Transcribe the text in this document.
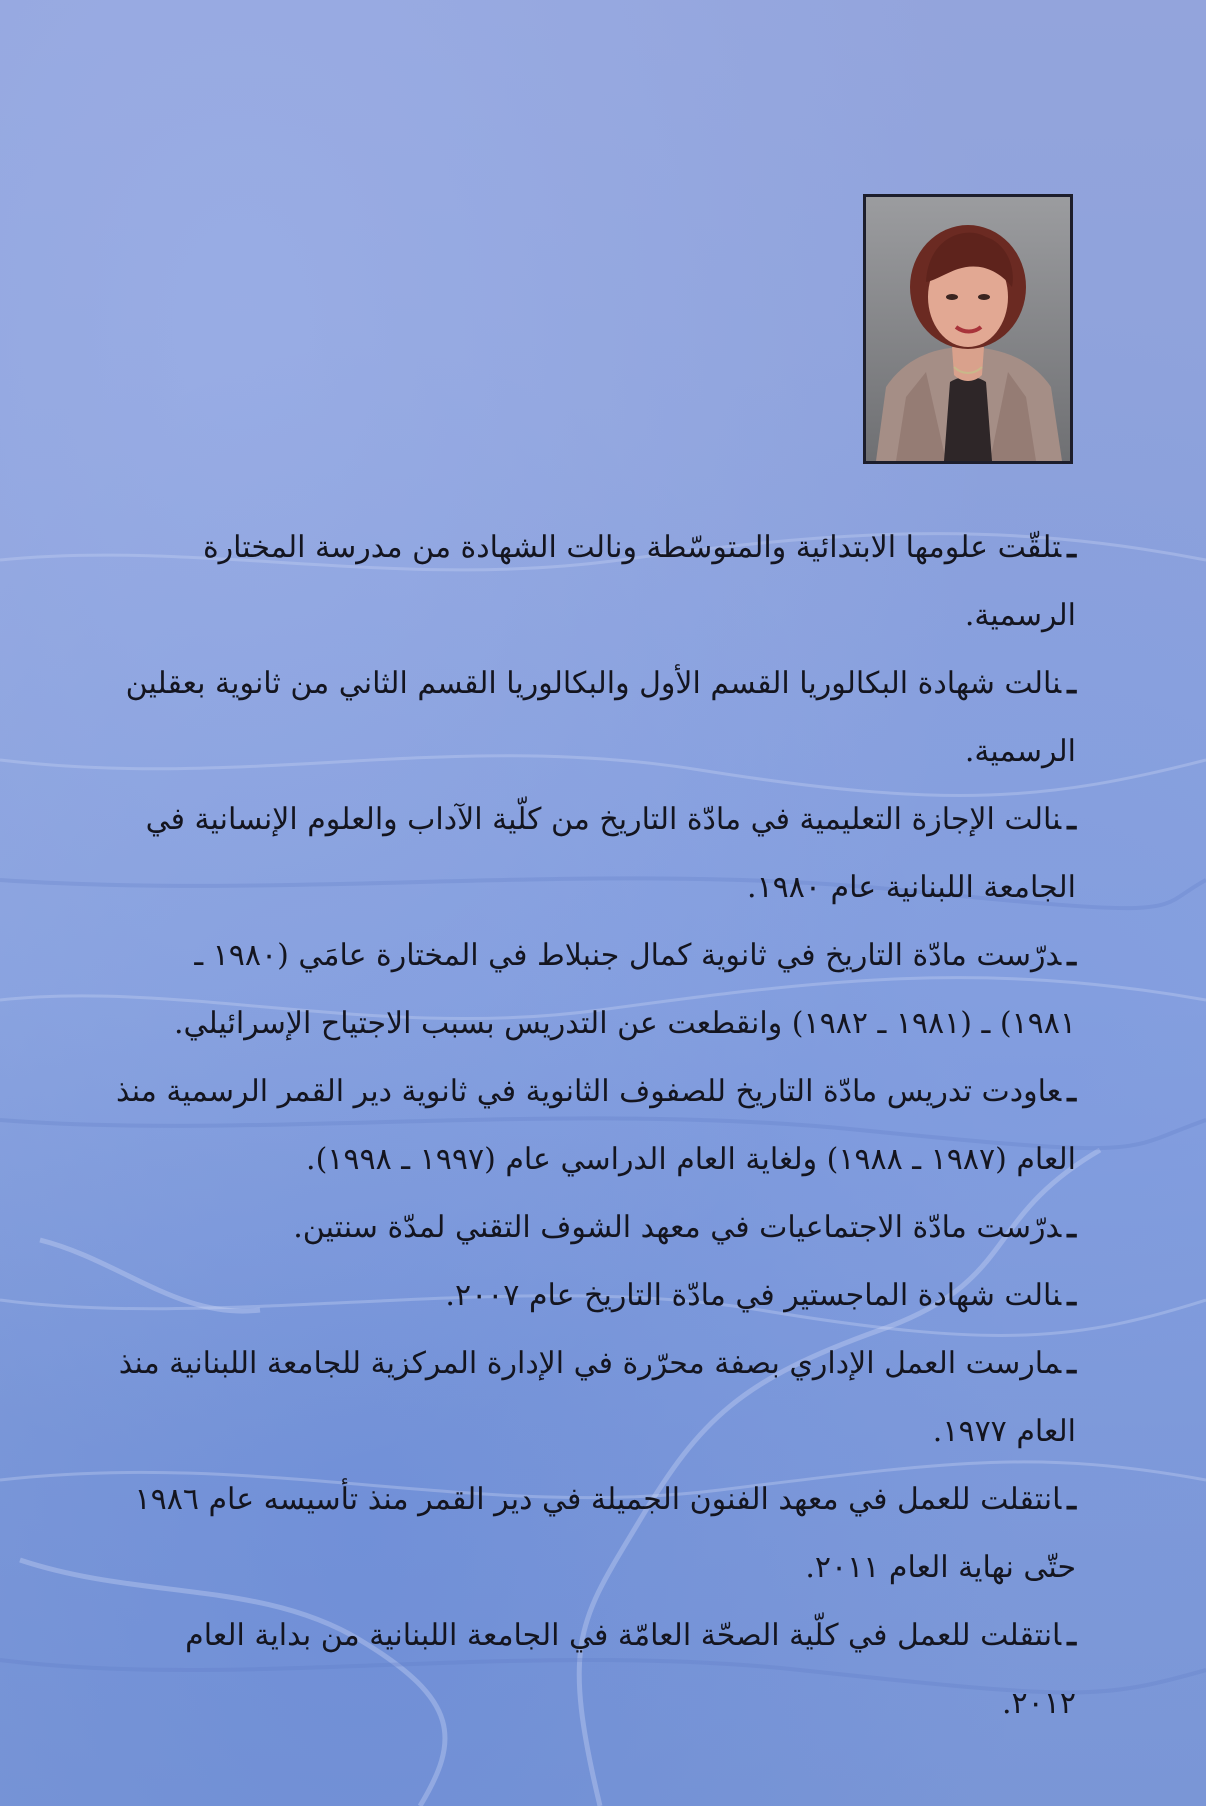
ـتلقّت علومها الابتدائية والمتوسّطة ونالت الشهادة من مدرسة المختارة الرسمية.
ـنالت شهادة البكالوريا القسم الأول والبكالوريا القسم الثاني من ثانوية بعقلين الرسمية.
ـنالت الإجازة التعليمية في مادّة التاريخ من كلّية الآداب والعلوم الإنسانية في الجامعة اللبنانية عام ١٩٨٠.
ـدرّست مادّة التاريخ في ثانوية كمال جنبلاط في المختارة عامَي (١٩٨٠ ـ ١٩٨١) ـ (١٩٨١ ـ ١٩٨٢) وانقطعت عن التدريس بسبب الاجتياح الإسرائيلي.
ـعاودت تدريس مادّة التاريخ للصفوف الثانوية في ثانوية دير القمر الرسمية منذ العام (١٩٨٧ ـ ١٩٨٨) ولغاية العام الدراسي عام (١٩٩٧ ـ ١٩٩٨).
ـدرّست مادّة الاجتماعيات في معهد الشوف التقني لمدّة سنتين.
ـنالت شهادة الماجستير في مادّة التاريخ عام ٢٠٠٧.
ـمارست العمل الإداري بصفة محرّرة في الإدارة المركزية للجامعة اللبنانية منذ العام ١٩٧٧.
ـانتقلت للعمل في معهد الفنون الجميلة في دير القمر منذ تأسيسه عام ١٩٨٦ حتّى نهاية العام ٢٠١١.
ـانتقلت للعمل في كلّية الصحّة العامّة في الجامعة اللبنانية من بداية العام ٢٠١٢.
